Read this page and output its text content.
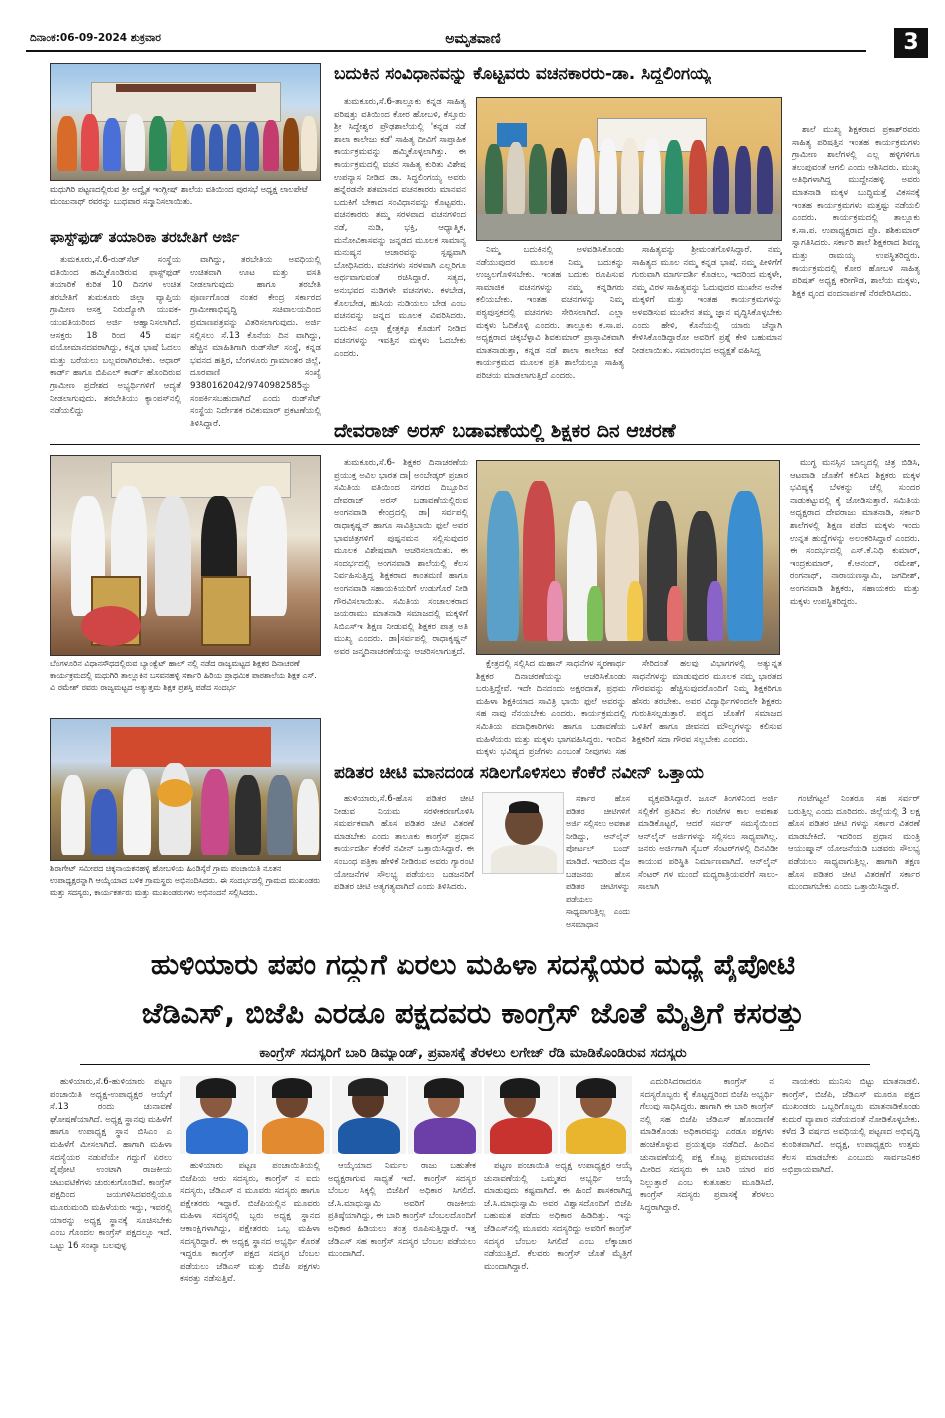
ದಿನಾಂಕ:06-09-2024 ಶುಕ್ರವಾರ	ಅಮೃತವಾಣಿ	3
ಮಧುಗಿರಿ ಪಟ್ಟಣದಲ್ಲಿರುವ ಶ್ರೀ ಅದ್ವೈತ ಇಂಗ್ಲೀಷ್ ಶಾಲೆಯ ವತಿಯಿಂದ ಪುರಸಭೆ ಅಧ್ಯಕ್ಷ ಲಾಲಪೇಟೆ ಮಂಜುನಾಥ್ ರವರನ್ನು ಬುಧವಾರ ಸನ್ಮಾನಿಸಲಾಯಿತು.
ಫಾಸ್ಟ್‌ಫುಡ್ ತಯಾರಿಕಾ ತರಬೇತಿಗೆ ಅರ್ಜಿ

ತುಮಕೂರು,ಸೆ.6-ರುಡ್‌ಸೆಟ್ ಸಂಸ್ಥೆಯ ವತಿಯಿಂದ ಹಮ್ಮಿಕೊಂಡಿರುವ ಫಾಸ್ಟ್‌ಫುಡ್ ತಯಾರಿಕೆ ಕುರಿತ 10 ದಿನಗಳ ಉಚಿತ ತರಬೇತಿಗೆ ತುಮಕೂರು ಜಿಲ್ಲಾ ವ್ಯಾಪ್ತಿಯ ಗ್ರಾಮೀಣ ಆಸಕ್ತ ನಿರುದ್ಯೋಗಿ ಯುವಕ-ಯುವತಿಯರಿಂದ ಅರ್ಜಿ ಆಹ್ವಾನಿಸಲಾಗಿದೆ. ಆಸಕ್ತರು 18 ರಿಂದ 45 ವರ್ಷ ವಯೋಮಾನದವರಾಗಿದ್ದು, ಕನ್ನಡ ಭಾಷೆ ಓದಲು ಮತ್ತು ಬರೆಯಲು ಬಲ್ಲವರಾಗಿರಬೇಕು. ಆಧಾರ್ ಕಾರ್ಡ್ ಹಾಗೂ ಬಿಪಿಎಲ್ ಕಾರ್ಡ್ ಹೊಂದಿರುವ ಗ್ರಾಮೀಣ ಪ್ರದೇಶದ ಅಭ್ಯರ್ಥಿಗಳಿಗೆ ಆದ್ಯತೆ ನೀಡಲಾಗುವುದು. ತರಬೇತಿಯು ಕ್ಯಾಂಪಸ್‌ನಲ್ಲಿ ನಡೆಯಲಿದ್ದು

ವಾಗಿದ್ದು, ತರಬೇತಿಯ ಅವಧಿಯಲ್ಲಿ ಉಚಿತವಾಗಿ ಊಟ ಮತ್ತು ವಸತಿ ನೀಡಲಾಗುವುದು ಹಾಗೂ ತರಬೇತಿ ಪೂರ್ಣಗೊಂಡ ನಂತರ ಕೇಂದ್ರ ಸರ್ಕಾರದ ಗ್ರಾಮೀಣಾಭಿವೃದ್ಧಿ ಸಚಿವಾಲಯದಿಂದ ಪ್ರಮಾಣಪತ್ರವನ್ನು ವಿತರಿಸಲಾಗುವುದು. ಅರ್ಜಿ ಸಲ್ಲಿಸಲು ಸೆ.13 ಕೊನೆಯ ದಿನ ವಾಗಿದ್ದು, ಹೆಚ್ಚಿನ ಮಾಹಿತಿಗಾಗಿ ರುಡ್‌ಸೆಟ್ ಸಂಸ್ಥೆ, ಕನ್ನಡ ಭವನದ ಹತ್ತಿರ, ಬೆಂಗಳೂರು ಗ್ರಾಮಾಂತರ ಜಿಲ್ಲೆ, ದೂರವಾಣಿ ಸಂಖ್ಯೆ 9380162042/9740982585ನ್ನು ಸಂಪರ್ಕಿಸಬಹುದಾಗಿದೆ ಎಂದು ರುಡ್‌ಸೆಟ್ ಸಂಸ್ಥೆಯ ನಿರ್ದೇಶಕ ರವಿಕುಮಾರ್ ಪ್ರಕಟಣೆಯಲ್ಲಿ ತಿಳಿಸಿದ್ದಾರೆ.

ಬದುಕಿನ ಸಂವಿಧಾನವನ್ನು ಕೊಟ್ಟವರು ವಚನಕಾರರು-ಡಾ. ಸಿದ್ಧಲಿಂಗಯ್ಯ

ತುಮಕೂರು,ಸೆ.6-ತಾಲ್ಲೂಕು ಕನ್ನಡ ಸಾಹಿತ್ಯ ಪರಿಷತ್ತು ವತಿಯಿಂದ ಕೋರ ಹೋಬಳಿ, ಕೆಸ್ತೂರು ಶ್ರೀ ಸಿದ್ಧೇಶ್ವರ ಪ್ರೌಢಶಾಲೆಯಲ್ಲಿ 'ಕನ್ನಡ ನಡೆ ಶಾಲಾ ಕಾಲೇಜು ಕಡೆ' ಸಾಹಿತ್ಯ ದೀವಿಗೆ ಸಾಪ್ತಾಹಿಕ ಕಾರ್ಯಕ್ರಮವನ್ನು ಹಮ್ಮಿಕೊಳ್ಳಲಾಗಿತ್ತು. ಈ ಕಾರ್ಯಕ್ರಮದಲ್ಲಿ ವಚನ ಸಾಹಿತ್ಯ ಕುರಿತು ವಿಶೇಷ ಉಪನ್ಯಾಸ ನೀಡಿದ ಡಾ. ಸಿದ್ಧಲಿಂಗಯ್ಯ ಅವರು ಹನ್ನೆರಡನೇ ಶತಮಾನದ ವಚನಕಾರರು ಮಾನವನ ಬದುಕಿಗೆ ಬೇಕಾದ ಸಂವಿಧಾನವನ್ನು ಕೊಟ್ಟವರು. ವಚನಕಾರರು ತಮ್ಮ ಸರಳವಾದ ವಚನಗಳಿಂದ ನಡೆ, ನುಡಿ, ಭಕ್ತಿ, ಆಧ್ಯಾತ್ಮಿಕ, ಮನೋವಿಕಾಸವನ್ನು ಜನ್ನಡದ ಮೂಲಕ ಸಾಮಾನ್ಯ ಮನುಷ್ಯನ ಆಚಾರವನ್ನು ಸ್ಪಷ್ಟವಾಗಿ ಬೋಧಿಸಿದರು. ವಚನಗಳು ಸರಳವಾಗಿ ಎಲ್ಲರಿಗೂ ಅರ್ಥವಾಗುವಂತೆ ರಚಿಸಿದ್ದಾರೆ. ಸತ್ಯದ, ಅನುಭವದ ನುಡಿಗಳೇ ವಚನಗಳು. ಕಳಬೇಡ, ಕೊಲಬೇಡ, ಹುಸಿಯ ನುಡಿಯಲು ಬೇಡ ಎಂಬ ವಚನವನ್ನು ಜನ್ನದ ಮೂಲಕ ವಿವರಿಸಿದರು. ಬದುಕಿನ ಎಲ್ಲಾ ಕ್ಷೇತ್ರಕ್ಕೂ ಕೊಡುಗೆ ನೀಡಿದ ವಚನಗಳನ್ನು ಇವತ್ತಿನ ಮಕ್ಕಳು ಓದಬೇಕು ಎಂದರು.

ಶಾಲೆ ಮುಖ್ಯ ಶಿಕ್ಷಕರಾದ ಪ್ರಕಾಶ್‌ರವರು ಸಾಹಿತ್ಯ ಪರಿಷತ್ತಿನ ಇಂತಹ ಕಾರ್ಯಕ್ರಮಗಳು ಗ್ರಾಮೀಣ ಶಾಲೆಗಳಲ್ಲಿ ಎಲ್ಲ ಹಳ್ಳಿಗಳಿಗೂ ತಲುಪುವಂತೆ ಆಗಲಿ ಎಂದು ಆಶಿಸಿದರು. ಮುಖ್ಯ ಅತಿಥಿಗಳಾಗಿದ್ದ ಮುದ್ದೇನಹಳ್ಳಿ ಅವರು ಮಾತನಾಡಿ ಮಕ್ಕಳ ಬುದ್ಧಿಮತ್ತೆ ವಿಕಸನಕ್ಕೆ ಇಂತಹ ಕಾರ್ಯಕ್ರಮಗಳು ಮತ್ತಷ್ಟು ನಡೆಯಲಿ ಎಂದರು. ಕಾರ್ಯಕ್ರಮದಲ್ಲಿ ತಾಲ್ಲೂಕು ಕ.ಸಾ.ಪ. ಉಪಾಧ್ಯಕ್ಷರಾದ ಪ್ರೊ. ಶಶಿಕುಮಾರ್ ಸ್ವಾಗತಿಸಿದರು. ಸರ್ಕಾರಿ ಶಾಲೆ ಶಿಕ್ಷಕರಾದ ಶಿವಣ್ಣ ಮತ್ತು ರಾಮಯ್ಯ ಉಪಸ್ಥಿತರಿದ್ದರು. ಕಾರ್ಯಕ್ರಮದಲ್ಲಿ ಕೋರ ಹೋಬಳಿ ಸಾಹಿತ್ಯ ಪರಿಷತ್ ಅಧ್ಯಕ್ಷ ಕರೀಗೌಡ, ಶಾಲೆಯ ಮಕ್ಕಳು, ಶಿಕ್ಷಕ ವೃಂದ ವಂದನಾರ್ಪಣೆ ನೆರವೇರಿಸಿದರು.

ನಿಮ್ಮ ಬದುಕಿನಲ್ಲಿ ಅಳವಡಿಸಿಕೊಂಡು ನಡೆಯುವುದರ ಮೂಲಕ ನಿಮ್ಮ ಬದುಕನ್ನು ಉಜ್ವಲಗೊಳಿಸಬೇಕು. ಇಂತಹ ಬದುಕು ರೂಪಿಸುವ ಸಾಮಾಜಿಕ ವಚನಗಳನ್ನು ನಮ್ಮ ಕನ್ನಡಿಗರು ಕಲಿಯಬೇಕು. ಇಂತಹ ವಚನಗಳನ್ನು ನಿಮ್ಮ ಪಠ್ಯಪುಸ್ತಕದಲ್ಲಿ ವಚನಗಳು ಸೇರಿಸಲಾಗಿದೆ. ಎಲ್ಲಾ ಮಕ್ಕಳು ಓದಿಕೊಳ್ಳಿ ಎಂದರು. ತಾಲ್ಲೂಕು ಕ.ಸಾ.ಪ. ಅಧ್ಯಕ್ಷರಾದ ಚಿಕ್ಕಬೆಳ್ಳಾವಿ ಶಿವಕುಮಾರ್ ಪ್ರಾಸ್ತಾವಿಕವಾಗಿ ಮಾತನಾಡುತ್ತಾ, ಕನ್ನಡ ನಡೆ ಶಾಲಾ ಕಾಲೇಜು ಕಡೆ ಕಾರ್ಯಕ್ರಮದ ಮೂಲಕ ಪ್ರತಿ ಶಾಲೆಯಲ್ಲೂ ಸಾಹಿತ್ಯ ಪರಿಚಯ ಮಾಡಲಾಗುತ್ತಿದೆ ಎಂದರು.

ಸಾಹಿತ್ಯವನ್ನು ಶ್ರೀಮಂತಗೊಳಿಸಿದ್ದಾರೆ. ನಮ್ಮ ಸಾಹಿತ್ಯದ ಮೂಲ ನಮ್ಮ ಕನ್ನಡ ಭಾಷೆ. ನಮ್ಮ ಪೀಳಿಗೆಗೆ ಗುರುವಾಗಿ ಮಾರ್ಗದರ್ಶಿ ಕೊಡಲು, ಇದರಿಂದ ಮಕ್ಕಳೇ, ನಮ್ಮ ವಿರಳ ಸಾಹಿತ್ಯವನ್ನು ಓದುವುದರ ಮುಖೇನ ಅನೇಕ ಮಕ್ಕಳಿಗೆ ಮತ್ತು ಇಂತಹ ಕಾರ್ಯಕ್ರಮಗಳನ್ನು ಅಳವಡಿಸುವ ಮುಖೇನ ತಮ್ಮ ಜ್ಞಾನ ವೃದ್ಧಿಸಿಕೊಳ್ಳಬೇಕು ಎಂದು ಹೇಳಿ, ಕೊನೆಯಲ್ಲಿ ಯಾರು ಚೆನ್ನಾಗಿ ಕೇಳಿಸಿಕೊಂಡಿದ್ದಾರೋ ಅವರಿಗೆ ಪ್ರಶ್ನೆ ಕೇಳಿ ಬಹುಮಾನ ನೀಡಲಾಯಿತು. ಸಮಾರಂಭದ ಅಧ್ಯಕ್ಷತೆ ವಹಿಸಿದ್ದ

ದೇವರಾಜ್ ಅರಸ್ ಬಡಾವಣೆಯಲ್ಲಿ ಶಿಕ್ಷಕರ ದಿನ ಆಚರಣೆ
ಬೆಂಗಳೂರಿನ ವಿಧಾನಸೌಧದಲ್ಲಿರುವ ಬ್ಯಾಂಕ್ವೆಟ್ ಹಾಲ್ ನಲ್ಲಿ ನಡೆದ ರಾಜ್ಯಮಟ್ಟದ ಶಿಕ್ಷಕರ ದಿನಾಚರಣೆ ಕಾರ್ಯಕ್ರಮದಲ್ಲಿ ಮಧುಗಿರಿ ತಾಲ್ಲೂಕಿನ ಬಸವನಹಳ್ಳಿ ಸರ್ಕಾರಿ ಹಿರಿಯ ಪ್ರಾಥಮಿಕ ಪಾಠಶಾಲೆಯ ಶಿಕ್ಷಕ ಎಸ್. ವಿ ರಮೇಶ್ ರವರು ರಾಜ್ಯಮಟ್ಟದ ಅತ್ಯುತ್ತಮ ಶಿಕ್ಷಕ ಪ್ರಶಸ್ತಿ ಪಡೆದ ಸಂದರ್ಭ

ತುಮಕೂರು,ಸೆ.6- ಶಿಕ್ಷಕರ ದಿನಾಚರಣೆಯ ಪ್ರಯುಕ್ತ ಅವಿಲ ಭಾರತ ದಾ| ಅಂಬೇಡ್ಕರ್ ಪ್ರಚಾರ ಸಮಿತಿಯ ವತಿಯಿಂದ ನಗರದ ದಿಬ್ಬೂರಿನ ದೇವರಾಜ್ ಅರಸ್ ಬಡಾವಣೆಯಲ್ಲಿರುವ ಅಂಗನವಾಡಿ ಕೇಂದ್ರದಲ್ಲಿ ಡಾ| ಸರ್ವಪಲ್ಲಿ ರಾಧಾಕೃಷ್ಣನ್ ಹಾಗೂ ಸಾವಿತ್ರಿಬಾಯಿ ಫುಲೆ ಅವರ ಭಾವಚಿತ್ರಗಳಿಗೆ ಪುಷ್ಪನಮನ ಸಲ್ಲಿಸುವುದರ ಮೂಲಕ ವಿಶೇಷವಾಗಿ ಆಚರಿಸಲಾಯಿತು. ಈ ಸಂದರ್ಭದಲ್ಲಿ ಅಂಗನವಾಡಿ ಶಾಲೆಯಲ್ಲಿ ಕೆಲಸ ನಿರ್ವಹಿಸುತ್ತಿದ್ದ ಶಿಕ್ಷಕರಾದ ಕಾಂತಮಣಿ ಹಾಗೂ ಅಂಗನವಾಡಿ ಸಹಾಯಕಿಯರಿಗೆ ಉಡುಗೊರೆ ನೀಡಿ ಗೌರವಿಸಲಾಯಿತು. ಸಮಿತಿಯ ಸಂಚಾಲಕರಾದ ಜಯರಾಮು ಮಾತನಾಡಿ ಸಮಾಜದಲ್ಲಿ ಮಕ್ಕಳಿಗೆ ಸಿಬಿಎಸ್‌ಇ ಶಿಕ್ಷಣ ನೀಡುವಲ್ಲಿ ಶಿಕ್ಷಕರ ಪಾತ್ರ ಅತಿ ಮುಖ್ಯ ಎಂದರು. ಡಾ|ಸರ್ವಪಲ್ಲಿ ರಾಧಾಕೃಷ್ಣನ್ ಅವರ ಜನ್ಮದಿನಾಚರಣೆಯನ್ನು ಆಚರಿಸಲಾಗುತ್ತದೆ.

ಮುಗ್ಧ ಮನಸ್ಸಿನ ಬಾಲ್ಯದಲ್ಲಿ ಚಿತ್ರ ಬಿಡಿಸಿ, ಆಟವಾಡಿ ಜೊತೆಗೆ ಕಲಿಸಿದ ಶಿಕ್ಷಕರು ಮಕ್ಕಳ ಭವಿಷ್ಯಕ್ಕೆ ಬೆಳಕನ್ನು ಚೆಲ್ಲಿ ಸುಂದರ ನಾಡುಕಟ್ಟುವಲ್ಲಿ ಕೈ ಜೋಡಿಸುತ್ತಾರೆ. ಸಮಿತಿಯ ಅಧ್ಯಕ್ಷರಾದ ದೇವರಾಜು ಮಾತನಾಡಿ, ಸರ್ಕಾರಿ ಶಾಲೆಗಳಲ್ಲಿ ಶಿಕ್ಷಣ ಪಡೆದ ಮಕ್ಕಳು ಇಂದು ಉನ್ನತ ಹುದ್ದೆಗಳನ್ನು ಅಲಂಕರಿಸಿದ್ದಾರೆ ಎಂದರು. ಈ ಸಂದರ್ಭದಲ್ಲಿ ಎಸ್.ಕೆ.ನಿಧಿ ಕುಮಾರ್, ಇಂದ್ರಕುಮಾರ್, ಕೆ.ಆನಂದ್, ರಮೇಶ್, ರಂಗನಾಥ್, ನಾರಾಯಣಸ್ವಾಮಿ, ಜಗದೀಶ್, ಅಂಗನವಾಡಿ ಶಿಕ್ಷಕರು, ಸಹಾಯಕರು ಮತ್ತು ಮಕ್ಕಳು ಉಪಸ್ಥಿತರಿದ್ದರು.

ಕ್ಷೇತ್ರದಲ್ಲಿ ಸಲ್ಲಿಸಿದ ಮಹಾನ್ ಸಾಧನೆಗಳ ಸ್ಮರಣಾರ್ಥ ಶಿಕ್ಷಕರ ದಿನಾಚರಣೆಯನ್ನು ಆಚರಿಸಿಕೊಂಡು ಬರುತ್ತಿದ್ದೇವೆ. ಇದೇ ದಿನದಂದು ಅಕ್ಷರದಾತೆ, ಪ್ರಥಮ ಮಹಿಳಾ ಶಿಕ್ಷಕಿಯಾದ ಸಾವಿತ್ರಿ ಭಾಯಿ ಫುಲೆ ಅವರನ್ನು ಸಹ ನಾವು ನೆನಯಬೇಕು ಎಂದರು. ಕಾರ್ಯಕ್ರಮದಲ್ಲಿ ಸಮಿತಿಯ ಪದಾಧಿಕಾರಿಗಳು ಹಾಗೂ ಬಡಾವಣೆಯ ಮಹಿಳೆಯರು ಮತ್ತು ಮಕ್ಕಳು ಭಾಗವಹಿಸಿದ್ದರು. ಇಂದಿನ ಮಕ್ಕಳು ಭವಿಷ್ಯದ ಪ್ರಜೆಗಳು ಎಂಬಂತೆ ನೀವುಗಳು ಸಹ

ಸೇರಿದಂತೆ ಹಲವು ವಿಭಾಗಗಳಲ್ಲಿ ಅತ್ಯುನ್ನತ ಸಾಧನೆಗಳನ್ನು ಮಾಡುವುದರ ಮೂಲಕ ನಮ್ಮ ಭಾರತದ ಗೌರವವನ್ನು ಹೆಚ್ಚಿಸುವುದರೊಂದಿಗೆ ನಿಮ್ಮ ಶಿಕ್ಷಕರಿಗೂ ಹೆಸರು ತರಬೇಕು. ಅವರ ವಿದ್ಯಾರ್ಥಿಗಳಿಂದಲೇ ಶಿಕ್ಷಕರು ಗುರುತಿಸಲ್ಪಡುತ್ತಾರೆ. ಪಠ್ಯದ ಜೊತೆಗೆ ಸಮಾಜದ ಒಳಿತಿಗೆ ಹಾಗೂ ಜೀವನದ ಮೌಲ್ಯಗಳನ್ನು ಕಲಿಸುವ ಶಿಕ್ಷಕರಿಗೆ ಸದಾ ಗೌರವ ಸಲ್ಲಬೇಕು ಎಂದರು.

ಶಿರಾ‌ಗೇಟ್ ಸಮೀಪದ ಚಿಕ್ಕನಾಯಕನಹಳ್ಳಿ ಹೋಬಳಿಯ ಹಿಂಡಿಸ್ಕೆರೆ ಗ್ರಾಮ ಪಂಚಾಯಿತಿ ನೂತನ ಉಪಾಧ್ಯಕ್ಷರನ್ನಾಗಿ ಆಯ್ಕೆಯಾದ ಬಳಿಕ ಗ್ರಾಮಸ್ಥರು ಅಭಿನಂದಿಸಿದರು. ಈ ಸಂದರ್ಭದಲ್ಲಿ ಗ್ರಾಮದ ಮುಖಂಡರು ಮತ್ತು ಸದಸ್ಯರು, ಕಾರ್ಯಕರ್ತರು ಮತ್ತು ಮುಖಂಡರುಗಳು ಅಭಿನಂದನೆ ಸಲ್ಲಿಸಿದರು.
ಪಡಿತರ ಚೀಟಿ ಮಾನದಂಡ ಸಡಿಲಗೊಳಿಸಲು ಕೆಂಕೆರೆ ನವೀನ್ ಒತ್ತಾಯ

ಹುಳಿಯಾರು,ಸೆ.6-ಹೊಸ ಪಡಿತರ ಚೀಟಿ ನೀಡುವ ನಿಯಮ ಸರಳೀಕರಣಗೊಳಿಸಿ ಸಮರ್ಪಕವಾಗಿ ಹೊಸ ಪಡಿತರ ಚೀಟಿ ವಿತರಣೆ ಮಾಡಬೇಕು ಎಂದು ತಾಲೂಕು ಕಾಂಗ್ರೆಸ್ ಪ್ರಧಾನ ಕಾರ್ಯದರ್ಶಿ ಕೆಂಕೆರೆ ನವೀನ್ ಒತ್ತಾಯಿಸಿದ್ದಾರೆ. ಈ ಸಂಬಂಧ ಪತ್ರಿಕಾ ಹೇಳಿಕೆ ನೀಡಿರುವ ಅವರು ಗ್ಯಾರಂಟಿ ಯೋಜನೆಗಳ ಸೌಲಭ್ಯ ಪಡೆಯಲು ಬಡಜನರಿಗೆ ಪಡಿತರ ಚೀಟಿ ಅತ್ಯಗತ್ಯವಾಗಿದೆ ಎಂದು ತಿಳಿಸಿದರು.

ಸರ್ಕಾರ ಹೊಸ ಪಡಿತರ ಚೀಟಿಗಳಿಗೆ ಅರ್ಜಿ ಸಲ್ಲಿಸಲು ಅವಕಾಶ ನೀಡಿದ್ದು, ಆನ್‌ಲೈನ್ ಪೋರ್ಟಲ್ ಬಂದ್ ಮಾಡಿದೆ. ಇದರಿಂದ ನೈಜ ಬಡಜನರು ಹೊಸ ಪಡಿತರ ಚೀಟಿಗಳನ್ನು ಪಡೆಯಲು ಸಾಧ್ಯವಾಗುತ್ತಿಲ್ಲ ಎಂದು ಅಸಮಾಧಾನ

ವ್ಯಕ್ತಪಡಿಸಿದ್ದಾರೆ. ಜೂನ್ ತಿಂಗಳಿನಿಂದ ಅರ್ಜಿ ಸಲ್ಲಿಕೆಗೆ ಪ್ರತಿದಿನ ಕೆಲ ಗಂಟೆಗಳ ಕಾಲ ಅವಕಾಶ ಮಾಡಿಕೊಟ್ಟರೆ, ಆದರೆ ಸರ್ವರ್ ಸಮಸ್ಯೆಯಿಂದ ಆನ್‌ಲೈನ್ ಅರ್ಜಿಗಳನ್ನು ಸಲ್ಲಿಸಲು ಸಾಧ್ಯವಾಗಿಲ್ಲ. ಜನರು ಅರ್ಜಿಗಾಗಿ ಸೈಬರ್ ಸೆಂಟರ್‌ಗಳಲ್ಲಿ ದಿನವಿಡೀ ಕಾಯುವ ಪರಿಸ್ಥಿತಿ ನಿರ್ಮಾಣವಾಗಿದೆ. ಆನ್‌ಲೈನ್ ಸೆಂಟರ್ ಗಳ ಮುಂದೆ ಮಧ್ಯರಾತ್ರಿಯವರೆಗೆ ಸಾಲು-ಸಾಲಾಗಿ

ಗಂಟೆಗಟ್ಟಲೆ ನಿಂತರೂ ಸಹ ಸರ್ವರ್ ಬರುತ್ತಿಲ್ಲ ಎಂದು ದೂರಿದರು. ಜಿಲ್ಲೆಯಲ್ಲಿ 3 ಲಕ್ಷ ಹೊಸ ಪಡಿತರ ಚೀಟಿ ಗಳನ್ನು ಸರ್ಕಾರ ವಿತರಣೆ ಮಾಡಬೇಕಿದೆ. ಇದರಿಂದ ಪ್ರಧಾನ ಮಂತ್ರಿ ಆಯುಷ್ಮಾನ್ ಯೋಜನೆಯಡಿ ಬಡವರು ಸೌಲಭ್ಯ ಪಡೆಯಲು ಸಾಧ್ಯವಾಗುತ್ತಿಲ್ಲ. ಹಾಗಾಗಿ ತಕ್ಷಣ ಹೊಸ ಪಡಿತರ ಚೀಟಿ ವಿತರಣೆಗೆ ಸರ್ಕಾರ ಮುಂದಾಗಬೇಕು ಎಂದು ಒತ್ತಾಯಿಸಿದ್ದಾರೆ.

ಹುಳಿಯಾರು ಪಪಂ ಗದ್ದುಗೆ ಏರಲು ಮಹಿಳಾ ಸದಸ್ಯೆಯರ ಮಧ್ಯೆ ಪೈಪೋಟಿ
ಜೆಡಿಎಸ್, ಬಿಜೆಪಿ ಎರಡೂ ಪಕ್ಷದವರು ಕಾಂಗ್ರೆಸ್ ಜೊತೆ ಮೈತ್ರಿಗೆ ಕಸರತ್ತು
ಕಾಂಗ್ರೆಸ್ ಸದಸ್ಯರಿಗೆ ಬಾರಿ ಡಿಮ್ಯಾಂಡ್, ಪ್ರವಾಸಕ್ಕೆ ತೆರಳಲು ಲಗೇಜ್ ರೆಡಿ ಮಾಡಿಕೊಂಡಿರುವ ಸದಸ್ಯರು

ಹುಳಿಯಾರು,ಸೆ.6-ಹುಳಿಯಾರು ಪಟ್ಟಣ ಪಂಚಾಯಿತಿ ಅಧ್ಯಕ್ಷ-ಉಪಾಧ್ಯಕ್ಷರ ಆಯ್ಕೆಗೆ ಸೆ.13 ರಂದು ಚುನಾವಣೆ ಘೋಷಣೆಯಾಗಿದೆ. ಅಧ್ಯಕ್ಷ ಸ್ಥಾನವು ಮಹಿಳೆಗೆ ಹಾಗೂ ಉಪಾಧ್ಯಕ್ಷ ಸ್ಥಾನ ಬಿಸಿಎಂ ಎ ಮಹಿಳೆಗೆ ಮೀಸಲಾಗಿದೆ. ಹಾಗಾಗಿ ಮಹಿಳಾ ಸದಸ್ಯೆಯರ ನಡುವೆಯೇ ಗದ್ದುಗೆ ಏರಲು ಪೈಪೋಟಿ ಉಂಟಾಗಿ ರಾಜಕೀಯ ಚಟುವಟಿಕೆಗಳು ಚುರುಕುಗೊಂಡಿವೆ. ಕಾಂಗ್ರೆಸ್ ಪಕ್ಷದಿಂದ ಜಯಗಳಿಸಿದವರಲ್ಲಿಯೂ ಮೂರುಮಂದಿ ಮಹಿಳೆಯರು ಇದ್ದು, ಇವರಲ್ಲಿ ಯಾರನ್ನು ಅಧ್ಯಕ್ಷ ಸ್ಥಾನಕ್ಕೆ ಸೂಚಿಸಬೇಕು ಎಂಬ ಗೊಂದಲ ಕಾಂಗ್ರೆಸ್ ಪಕ್ಷದಲ್ಲೂ ಇದೆ. ಒಟ್ಟು 16 ಸಂಖ್ಯಾ ಬಲವುಳ್ಳ

ಹುಳಿಯಾರು ಪಟ್ಟಣ ಪಂಚಾಯಿತಿಯಲ್ಲಿ ಬಿಜೆಪಿಯ ಆರು ಸದಸ್ಯರು, ಕಾಂಗ್ರೆಸ್ ನ ಐದು ಸದಸ್ಯರು, ಜೆಡಿಎಸ್ ನ ಮೂವರು ಸದಸ್ಯರು ಹಾಗೂ ಪಕ್ಷೇತರರು ಇದ್ದಾರೆ. ಬಿಜೆಪಿಯಲ್ಲಿನ ಮೂವರು ಮಹಿಳಾ ಸದಸ್ಯರಲ್ಲಿ ಬ್ಬರು ಅಧ್ಯಕ್ಷ ಸ್ಥಾನದ ಆಕಾಂಕ್ಷಿಗಳಾಗಿದ್ದು, ಪಕ್ಷೇತರರು ಒಬ್ಬ ಮಹಿಳಾ ಸದಸ್ಯರಿದ್ದಾರೆ. ಈ ಅಧ್ಯಕ್ಷ ಸ್ಥಾನದ ಅಭ್ಯರ್ಥಿ ಕೊರತೆ ಇದ್ದರೂ ಕಾಂಗ್ರೆಸ್ ಪಕ್ಷದ ಸದಸ್ಯರ ಬೆಂಬಲ ಪಡೆಯಲು ಜೆಡಿಎಸ್ ಮತ್ತು ಬಿಜೆಪಿ ಪಕ್ಷಗಳು ಕಸರತ್ತು ನಡೆಸುತ್ತಿವೆ.

ಆಯ್ಕೆಯಾದ ನಿರ್ಮಲ ರಾಜು ಬಹುತೇಕ ಅಧ್ಯಕ್ಷರಾಗುವ ಸಾಧ್ಯತೆ ಇದೆ. ಕಾಂಗ್ರೆಸ್ ಸದಸ್ಯರ ಬೆಂಬಲ ಸಿಕ್ಕಲ್ಲಿ ಬಿಜೆಪಿಗೆ ಅಧಿಕಾರ ಸಿಗಲಿದೆ. ಜೆ.ಸಿ.ಮಾಧುಸ್ವಾಮಿ ಅವರಿಗೆ ರಾಜಕೀಯ ಪ್ರತಿಷ್ಠೆಯಾಗಿದ್ದು, ಈ ಬಾರಿ ಕಾಂಗ್ರೆಸ್ ಬೆಂಬಲದೊಂದಿಗೆ ಅಧಿಕಾರ ಹಿಡಿಯಲು ತಂತ್ರ ರೂಪಿಸುತ್ತಿದ್ದಾರೆ. ಇತ್ತ ಜೆಡಿಎಸ್ ಸಹ ಕಾಂಗ್ರೆಸ್ ಸದಸ್ಯರ ಬೆಂಬಲ ಪಡೆಯಲು ಮುಂದಾಗಿದೆ.

ಪಟ್ಟಣ ಪಂಚಾಯಿತಿ ಅಧ್ಯಕ್ಷ ಉಪಾಧ್ಯಕ್ಷರ ಆಯ್ಕೆ ಚುನಾವಣೆಯಲ್ಲಿ ಒಮ್ಮತದ ಅಭ್ಯರ್ಥಿ ಆಯ್ಕೆ ಮಾಡುವುದು ಕಷ್ಟವಾಗಿದೆ. ಈ ಹಿಂದೆ ಶಾಸಕರಾಗಿದ್ದ ಜೆ.ಸಿ.ಮಾಧುಸ್ವಾಮಿ ಅವರ ವಿಶ್ವಾಸದೊಂದಿಗೆ ಬಿಜೆಪಿ ಬಹುಮತ ಪಡೆದು ಅಧಿಕಾರ ಹಿಡಿದಿತ್ತು. ಇನ್ನು ಜೆಡಿಎಸ್‌ನಲ್ಲಿ ಮೂವರು ಸದಸ್ಯರಿದ್ದು ಅವರಿಗೆ ಕಾಂಗ್ರೆಸ್ ಸದಸ್ಯರ ಬೆಂಬಲ ಸಿಗಲಿದೆ ಎಂಬ ಲೆಕ್ಕಾಚಾರ ನಡೆಯುತ್ತಿದೆ. ಕೆಲವರು ಕಾಂಗ್ರೆಸ್ ಜೊತೆ ಮೈತ್ರಿಗೆ ಮುಂದಾಗಿದ್ದಾರೆ.

ಎದುರಿಸಿದರಾದರೂ ಕಾಂಗ್ರೆಸ್ ನ ಸದಸ್ಯರೊಬ್ಬರು ಕೈ ಕೊಟ್ಟದ್ದರಿಂದ ಬಿಜೆಪಿ ಅಭ್ಯರ್ಥಿ ಗೆಲುವು ಸಾಧಿಸಿದ್ದರು. ಹಾಗಾಗಿ ಈ ಬಾರಿ ಕಾಂಗ್ರೆಸ್ ನಲ್ಲಿ ಸಹ ಬಿಜೆಪಿ ಜೆಡಿಎಸ್ ಹೊಂದಾಣಿಕೆ ಮಾಡಿಕೊಂಡು ಅಧಿಕಾರವನ್ನು ಎರಡೂ ಪಕ್ಷಗಳು ಹಂಚಿಕೊಳ್ಳುವ ಪ್ರಯತ್ನವೂ ನಡೆದಿದೆ. ಹಿಂದಿನ ಚುನಾವಣೆಯಲ್ಲಿ ಪಕ್ಷ ಕೊಟ್ಟ ಪ್ರಮಾಣವಚನ ಮೀರಿದ ಸದಸ್ಯರು ಈ ಬಾರಿ ಯಾರ ಪರ ನಿಲ್ಲುತ್ತಾರೆ ಎಂಬ ಕುತೂಹಲ ಮೂಡಿಸಿದೆ. ಕಾಂಗ್ರೆಸ್ ಸದಸ್ಯರು ಪ್ರವಾಸಕ್ಕೆ ತೆರಳಲು ಸಿದ್ಧರಾಗಿದ್ದಾರೆ.

ನಾಯಕರು ಮುನಿಸು ಬಿಟ್ಟು ಮಾತನಾಡಲಿ. ಕಾಂಗ್ರೆಸ್, ಬಿಜೆಪಿ, ಜೆಡಿಎಸ್ ಮೂರೂ ಪಕ್ಷದ ಮುಖಂಡರು ಒಬ್ಬರಿಗೊಬ್ಬರು ಮಾತನಾಡಿಕೊಂಡು ಕುದುರೆ ವ್ಯಾಪಾರ ನಡೆಯದಂತೆ ನೋಡಿಕೊಳ್ಳಬೇಕು. ಕಳೆದ 3 ವರ್ಷದ ಅವಧಿಯಲ್ಲಿ ಪಟ್ಟಣದ ಅಭಿವೃದ್ಧಿ ಕುಂಠಿತವಾಗಿದೆ. ಅಧ್ಯಕ್ಷ, ಉಪಾಧ್ಯಕ್ಷರು ಉತ್ತಮ ಕೆಲಸ ಮಾಡಬೇಕು ಎಂಬುದು ಸಾರ್ವಜನಿಕರ ಅಭಿಪ್ರಾಯವಾಗಿದೆ.
